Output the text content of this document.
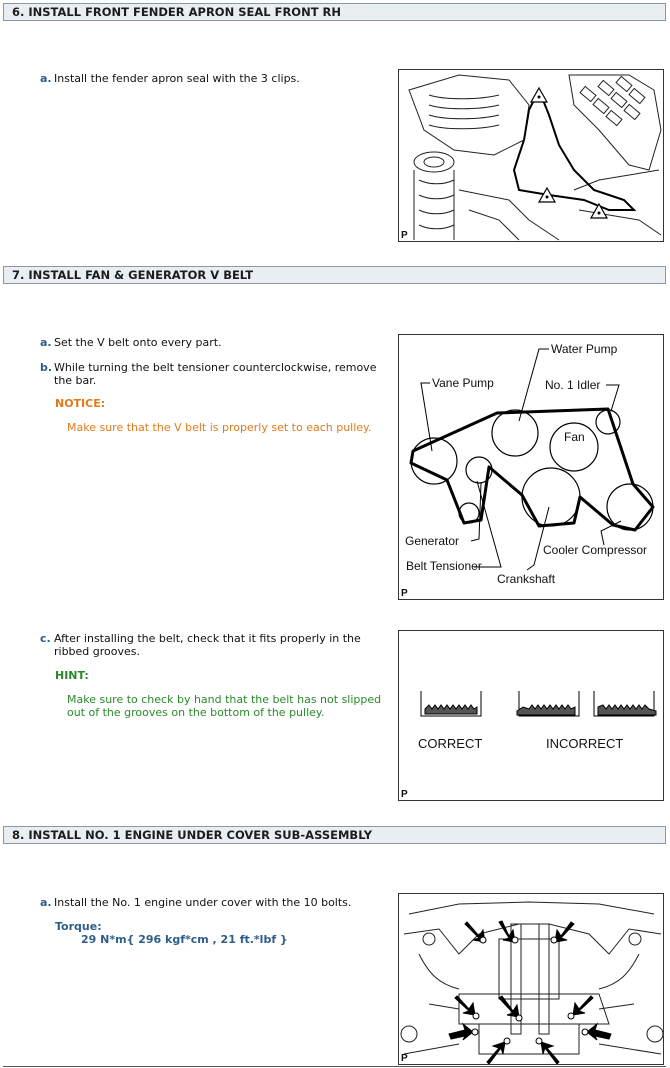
6. INSTALL FRONT FENDER APRON SEAL FRONT RH
a. Install the fender apron seal with the 3 clips.
P
7. INSTALL FAN & GENERATOR V BELT
a. Set the V belt onto every part.
b. While turning the belt tensioner counterclockwise, remove the bar.
NOTICE:
Make sure that the V belt is properly set to each pulley.
Water Pump
Vane Pump	No. 1 Idler
Fan
Generator
Belt Tensioner
Crankshaft
Cooler Compressor
P
c. After installing the belt, check that it fits properly in the ribbed grooves.
HINT:
Make sure to check by hand that the belt has not slipped out of the grooves on the bottom of the pulley.
CORRECT	INCORRECT
P
8. INSTALL NO. 1 ENGINE UNDER COVER SUB-ASSEMBLY
a. Install the No. 1 engine under cover with the 10 bolts.
Torque:
29 N*m{ 296 kgf*cm , 21 ft.*lbf }
P
